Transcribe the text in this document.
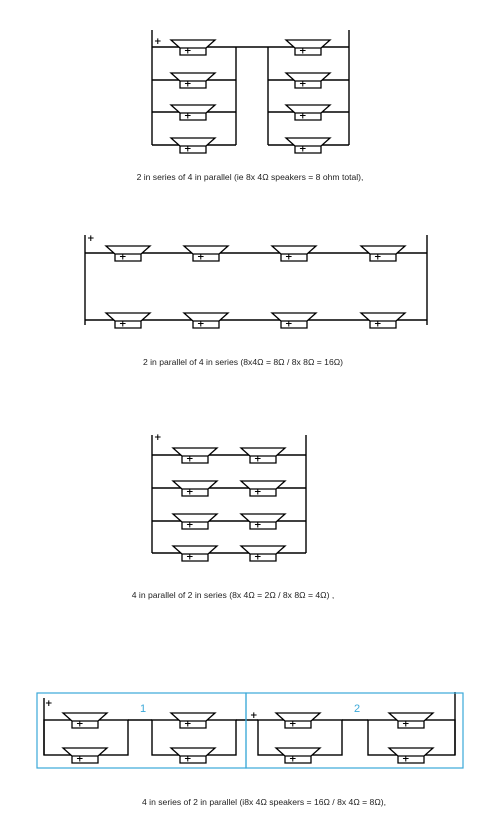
+	+
+	+
+	+
+	+
+	+	+	+
+	+	+	+
+	+
+	+
+	+
+	+
+
+
+
+
+
+
+
+
1	2
+
+
+
+
+
2 in series of 4 in parallel (ie 8x 4Ω speakers = 8 ohm total),
2 in parallel of 4 in series (8x4Ω = 8Ω / 8x 8Ω = 16Ω)
4 in parallel of 2 in series (8x 4Ω = 2Ω / 8x 8Ω = 4Ω) ,
4 in series of 2 in parallel (i8x 4Ω speakers = 16Ω / 8x 4Ω = 8Ω),
